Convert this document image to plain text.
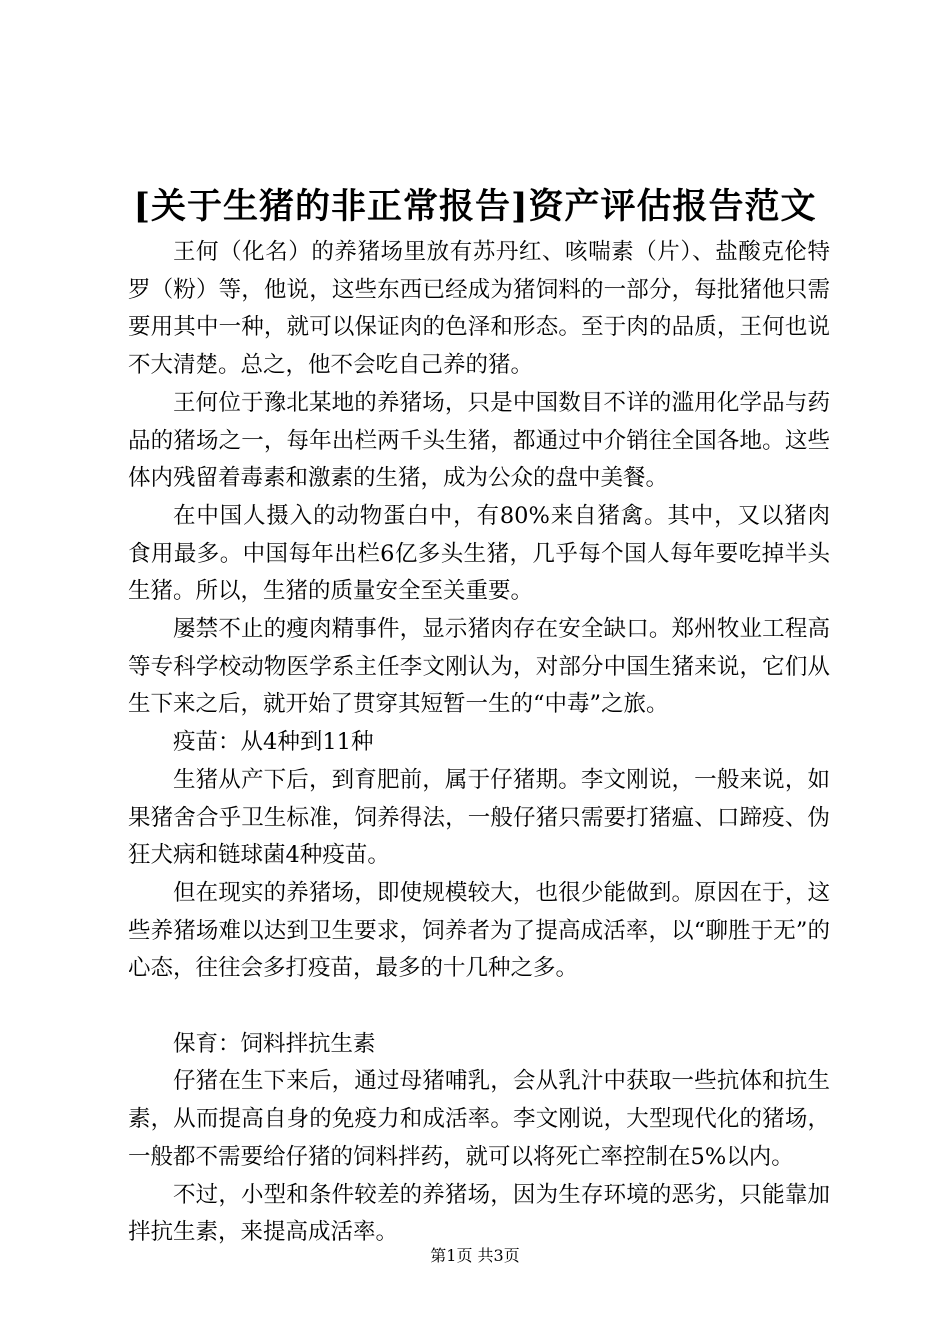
[关于生猪的非正常报告]资产评估报告范文

王何（化名）的养猪场里放有苏丹红、咳喘素（片）、盐酸克伦特罗（粉）等，他说，这些东西已经成为猪饲料的一部分，每批猪他只需要用其中一种，就可以保证肉的色泽和形态。至于肉的品质，王何也说不大清楚。总之，他不会吃自己养的猪。

王何位于豫北某地的养猪场，只是中国数目不详的滥用化学品与药品的猪场之一，每年出栏两千头生猪，都通过中介销往全国各地。这些体内残留着毒素和激素的生猪，成为公众的盘中美餐。

在中国人摄入的动物蛋白中，有80%来自猪禽。其中，又以猪肉食用最多。中国每年出栏6亿多头生猪，几乎每个国人每年要吃掉半头生猪。所以，生猪的质量安全至关重要。

屡禁不止的瘦肉精事件，显示猪肉存在安全缺口。郑州牧业工程高等专科学校动物医学系主任李文刚认为，对部分中国生猪来说，它们从生下来之后，就开始了贯穿其短暂一生的“中毒”之旅。

疫苗：从4种到11种

生猪从产下后，到育肥前，属于仔猪期。李文刚说，一般来说，如果猪舍合乎卫生标准，饲养得法，一般仔猪只需要打猪瘟、口蹄疫、伪狂犬病和链球菌4种疫苗。

但在现实的养猪场，即使规模较大，也很少能做到。原因在于，这些养猪场难以达到卫生要求，饲养者为了提高成活率，以“聊胜于无”的心态，往往会多打疫苗，最多的十几种之多。

保育：饲料拌抗生素

仔猪在生下来后，通过母猪哺乳，会从乳汁中获取一些抗体和抗生素，从而提高自身的免疫力和成活率。李文刚说，大型现代化的猪场，一般都不需要给仔猪的饲料拌药，就可以将死亡率控制在5%以内。

不过，小型和条件较差的养猪场，因为生存环境的恶劣，只能靠加拌抗生素，来提高成活率。

第1页 共3页
